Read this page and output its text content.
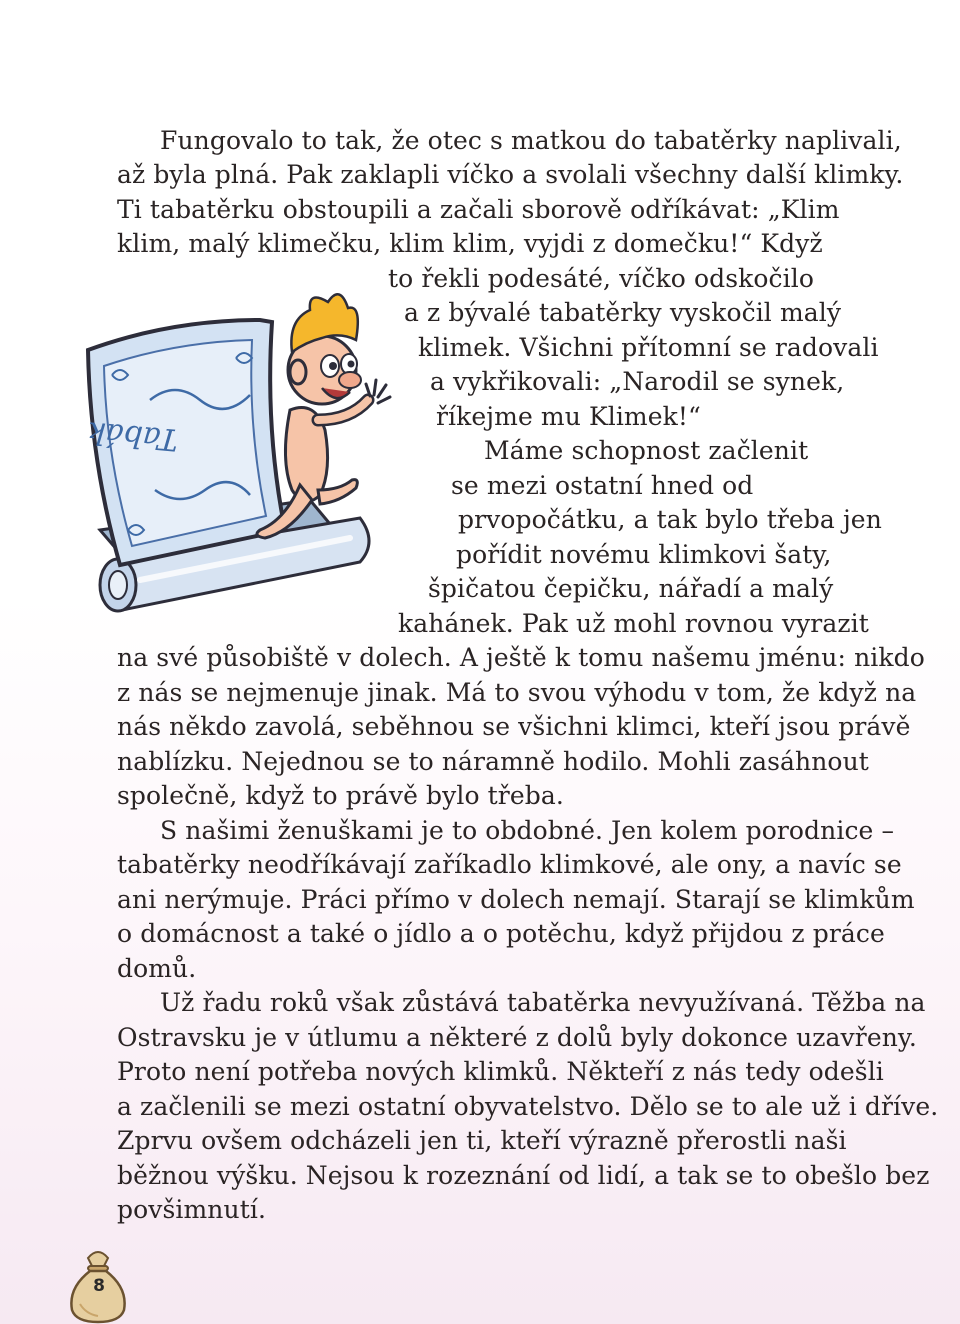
Fungovalo to tak, že otec s matkou do tabatěrky naplivali,
až byla plná. Pak zaklapli víčko a svolali všechny další klimky.
Ti tabatěrku obstoupili a začali sborově odříkávat: „Klim
klim, malý klimečku, klim klim, vyjdi z domečku!“ Když
to řekli podesáté, víčko odskočilo
a z bývalé tabatěrky vyskočil malý
klimek. Všichni přítomní se radovali
a vykřikovali: „Narodil se synek,
říkejme mu Klimek!“
Máme schopnost začlenit
se mezi ostatní hned od
prvopočátku, a tak bylo třeba jen
pořídit novému klimkovi šaty,
špičatou čepičku, nářadí a malý
kahánek. Pak už mohl rovnou vyrazit
na své působiště v dolech. A ještě k tomu našemu jménu: nikdo
z nás se nejmenuje jinak. Má to svou výhodu v tom, že když na
nás někdo zavolá, seběhnou se všichni klimci, kteří jsou právě
nablízku. Nejednou se to náramně hodilo. Mohli zasáhnout
společně, když to právě bylo třeba.
S našimi ženuškami je to obdobné. Jen kolem porodnice –
tabatěrky neodříkávají zaříkadlo klimkové, ale ony, a navíc se
ani nerýmuje. Práci přímo v dolech nemají. Starají se klimkům
o domácnost a také o jídlo a o potěchu, když přijdou z práce
domů.
Už řadu roků však zůstává tabatěrka nevyužívaná. Těžba na
Ostravsku je v útlumu a některé z dolů byly dokonce uzavřeny.
Proto není potřeba nových klimků. Někteří z nás tedy odešli
a začlenili se mezi ostatní obyvatelstvo. Dělo se to ale už i dříve.
Zprvu ovšem odcházeli jen ti, kteří výrazně přerostli naši
běžnou výšku. Nejsou k rozeznání od lidí, a tak se to obešlo bez
povšimnutí.
Tabák
8
